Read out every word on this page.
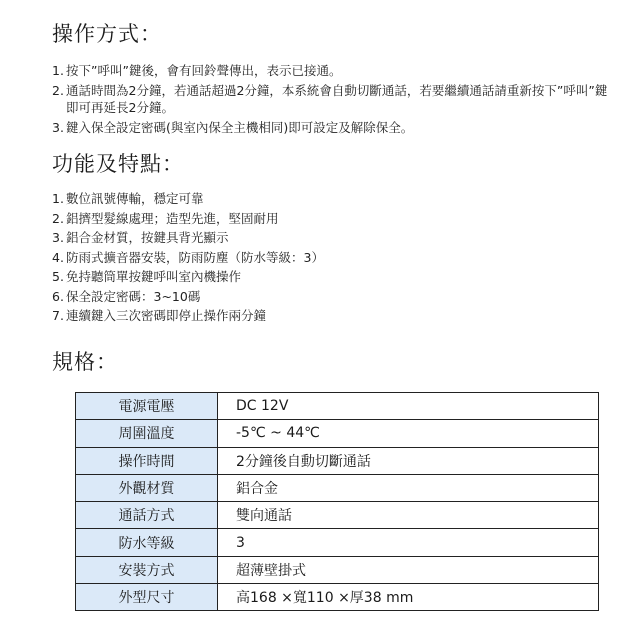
操作方式：
1. 按下”呼叫”鍵後，會有回鈴聲傳出，表示已接通。
2. 通話時間為2分鐘，若通話超過2分鐘，本系統會自動切斷通話，若要繼續通話請重新按下”呼叫”鍵即可再延長2分鐘。
3. 鍵入保全設定密碼(與室內保全主機相同)即可設定及解除保全。
功能及特點：
1. 數位訊號傳輸，穩定可靠
2. 鋁擠型髮線處理；造型先進，堅固耐用
3. 鋁合金材質，按鍵具背光顯示
4. 防雨式擴音器安裝，防雨防塵（防水等級：3）
5. 免持聽筒單按鍵呼叫室內機操作
6. 保全設定密碼：3~10碼
7. 連續鍵入三次密碼即停止操作兩分鐘
規格：
電源電壓	DC 12V
周圍溫度	-5℃ ~ 44℃
操作時間	2分鐘後自動切斷通話
外觀材質	鋁合金
通話方式	雙向通話
防水等級	3
安裝方式	超薄壁掛式
外型尺寸	高168 ×寬110 ×厚38 mm
